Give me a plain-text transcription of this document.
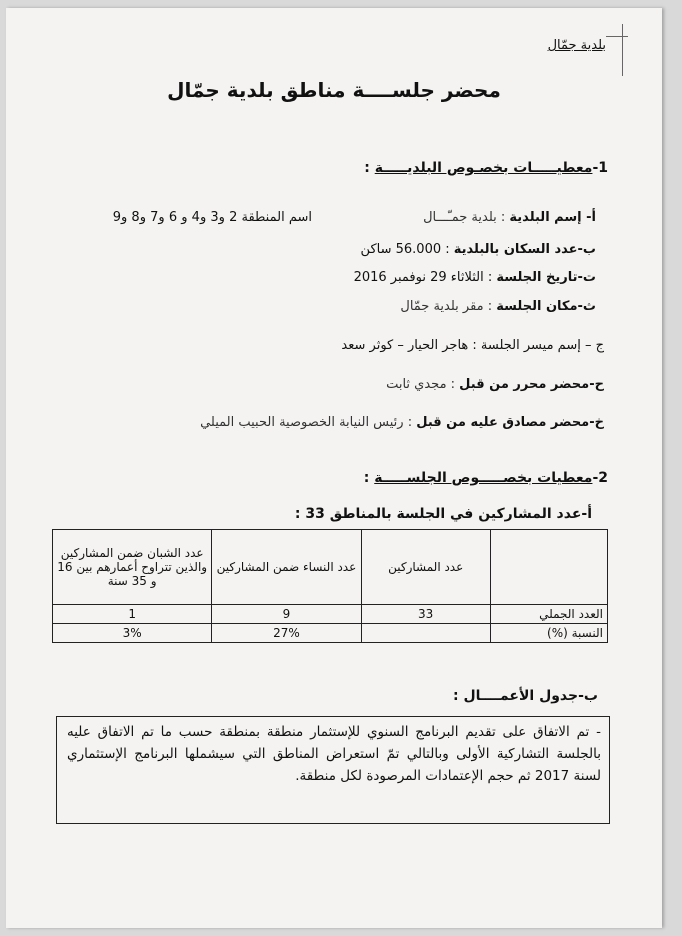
بلدية جمّال
محضر جلســــة مناطق بلدية جمّال
1-معطيـــــات بخصـوص البلديـــــة :
أ- إسم البلدية : بلدية جمـّـــال
اسم المنطقة 2 و3 و4 و 6 و7 و8 و9
ب-عدد السكان بالبلدية : 56.000 ساكن
ت-تاريخ الجلسة : الثلاثاء 29 نوفمبر 2016
ث-مكان الجلسة : مقر بلدية جمّال
ج – إسم ميسر الجلسة : هاجر الحيار – كوثر سعد
ح-محضر محرر من قبل : مجدي ثابت
خ-محضر مصادق عليه من قبل : رئيس النيابة الخصوصية الحبيب الميلي
2-معطيات بخصـــــوص الجلســـــة :
أ-عدد المشاركين في الجلسة بالمناطق 33 :
	عدد المشاركين	عدد النساء ضمن المشاركين	عدد الشبان ضمن المشاركين والذين تتراوح أعمارهم بين 16 و 35 سنة
العدد الجملي	33	9	1
النسبة (%)		27%	3%
ب-جدول الأعمــــال :
- تم الاتفاق على تقديم البرنامج السنوي للإستثمار منطقة بمنطقة حسب ما تم الاتفاق عليه بالجلسة التشاركية الأولى وبالتالي تمّ استعراض المناطق التي سيشملها البرنامج الإستثماري لسنة 2017 ثم حجم الإعتمادات المرصودة لكل منطقة.
